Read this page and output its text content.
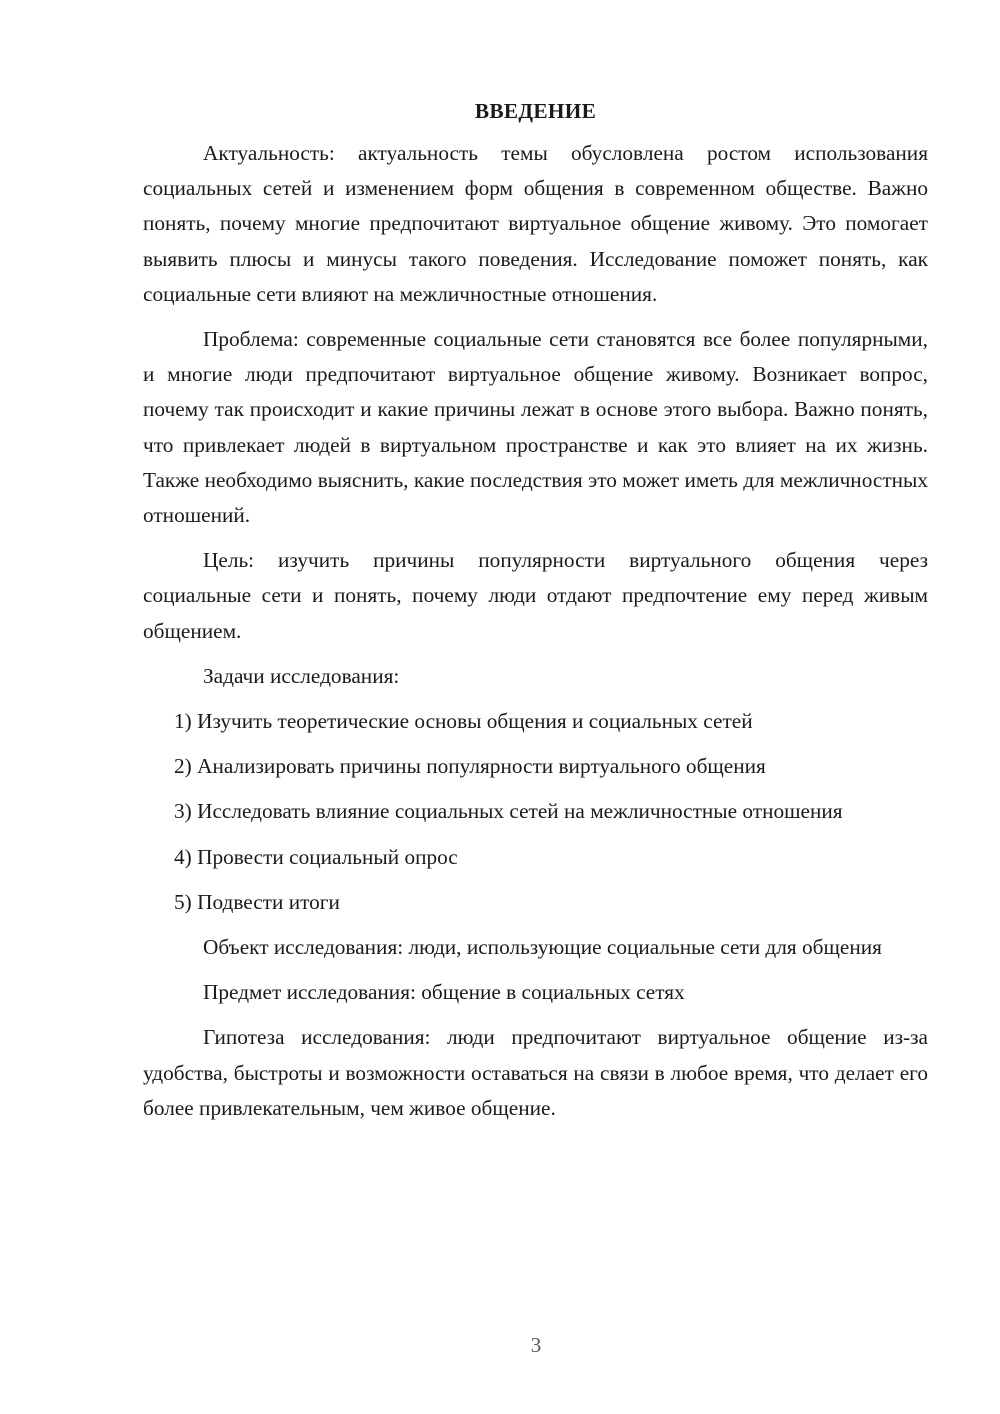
ВВЕДЕНИЕ

Актуальность: актуальность темы обусловлена ростом использования социальных сетей и изменением форм общения в современном обществе. Важно понять, почему многие предпочитают виртуальное общение живому. Это помогает выявить плюсы и минусы такого поведения. Исследование поможет понять, как социальные сети влияют на межличностные отношения.

Проблема: современные социальные сети становятся все более популярными, и многие люди предпочитают виртуальное общение живому. Возникает вопрос, почему так происходит и какие причины лежат в основе этого выбора. Важно понять, что привлекает людей в виртуальном пространстве и как это влияет на их жизнь. Также необходимо выяснить, какие последствия это может иметь для межличностных отношений.

Цель: изучить причины популярности виртуального общения через социальные сети и понять, почему люди отдают предпочтение ему перед живым общением.

Задачи исследования:

1) Изучить теоретические основы общения и социальных сетей

2) Анализировать причины популярности виртуального общения

3) Исследовать влияние социальных сетей на межличностные отношения

4) Провести социальный опрос

5) Подвести итоги

Объект исследования: люди, использующие социальные сети для общения

Предмет исследования: общение в социальных сетях

Гипотеза исследования: люди предпочитают виртуальное общение из-за удобства, быстроты и возможности оставаться на связи в любое время, что делает его более привлекательным, чем живое общение.

3
